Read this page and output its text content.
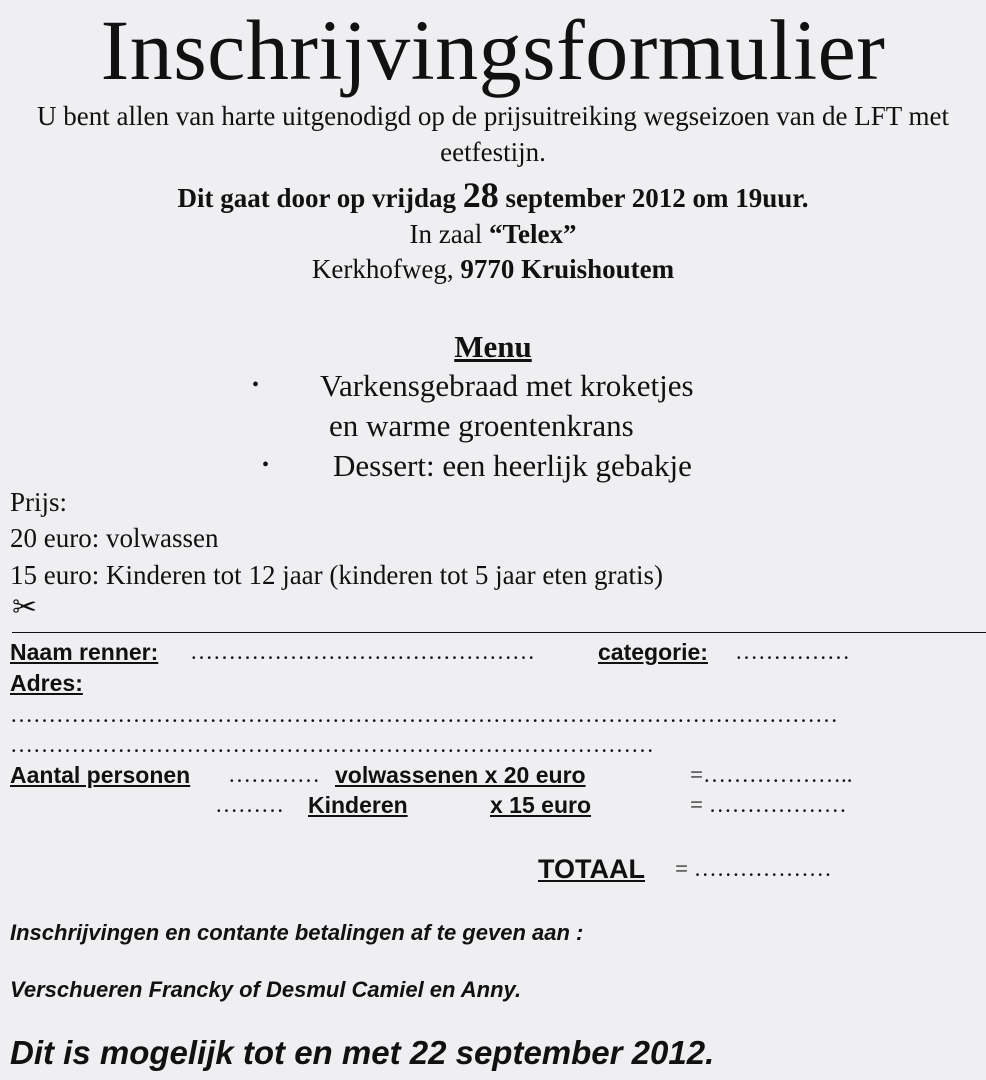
Inschrijvingsformulier
U bent allen van harte uitgenodigd op de prijsuitreiking wegseizoen van de LFT met eetfestijn.
Dit gaat door op vrijdag 28 september 2012 om 19uur.
In zaal “Telex”
Kerkhofweg, 9770 Kruishoutem
Menu
• Varkensgebraad met kroketjes
en warme groentenkrans
• Dessert: een heerlijk gebakje
Prijs:
20 euro: volwassen
15 euro: Kinderen tot 12 jaar (kinderen tot 5 jaar eten gratis)
✂
Naam renner: ………………………………………	categorie: ……………
Adres:
………………………………………………………………………………………………
…………………………………………………………………………
Aantal personen ………… volwassenen x 20 euro	=………………..
……… Kinderen	x 15 euro	= ………………
TOTAAL = ………………
Inschrijvingen en contante betalingen af te geven aan :
Verschueren Francky of Desmul Camiel en Anny.
Dit is mogelijk tot en met 22 september 2012.
